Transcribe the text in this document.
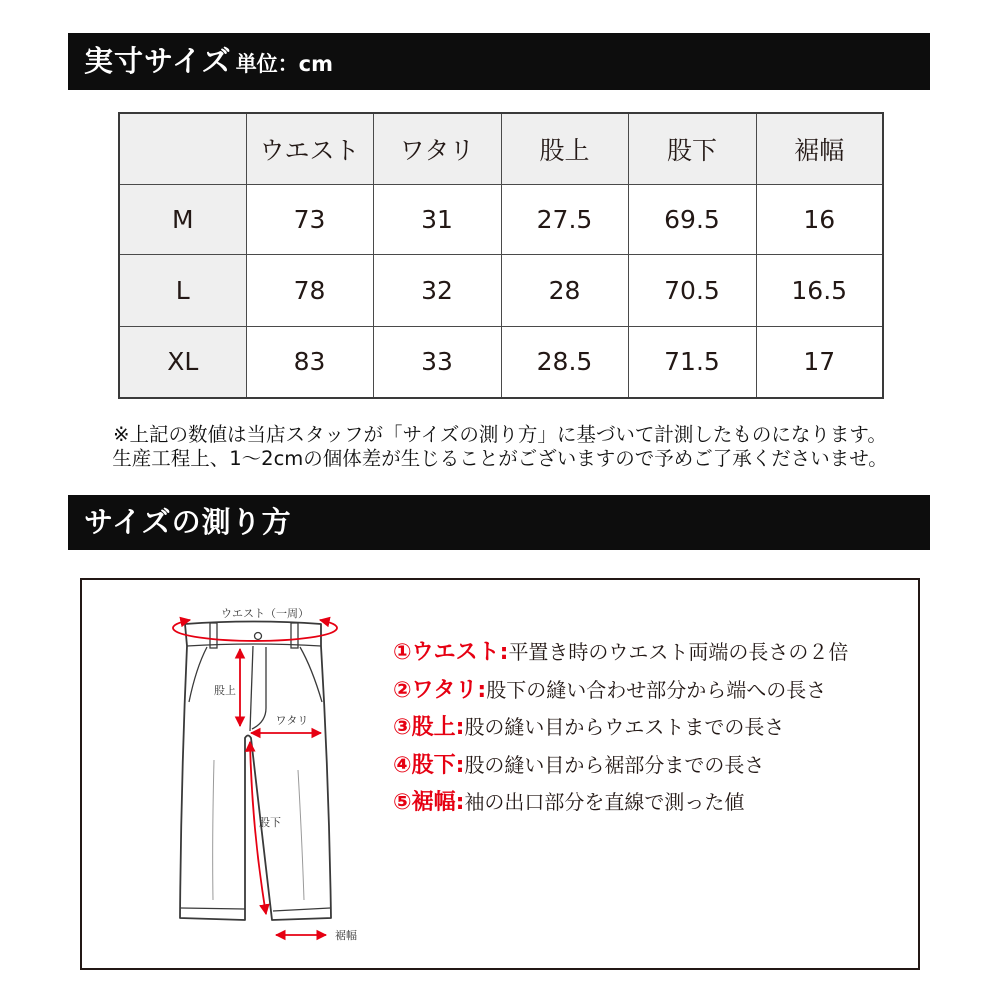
実寸サイズ 単位：cm
	ウエスト	ワタリ	股上	股下	裾幅
M	73	31	27.5	69.5	16
L	78	32	28	70.5	16.5
XL	83	33	28.5	71.5	17
※上記の数値は当店スタッフが「サイズの測り方」に基づいて計測したものになります。
生産工程上、1～2cmの個体差が生じることがございますので予めご了承くださいませ。
サイズの測り方
ウエスト（一周）
股上
ワタリ
股下
裾幅
①ウエスト:平置き時のウエスト両端の長さの２倍
②ワタリ:股下の縫い合わせ部分から端への長さ
③股上:股の縫い目からウエストまでの長さ
④股下:股の縫い目から裾部分までの長さ
⑤裾幅:袖の出口部分を直線で測った値
